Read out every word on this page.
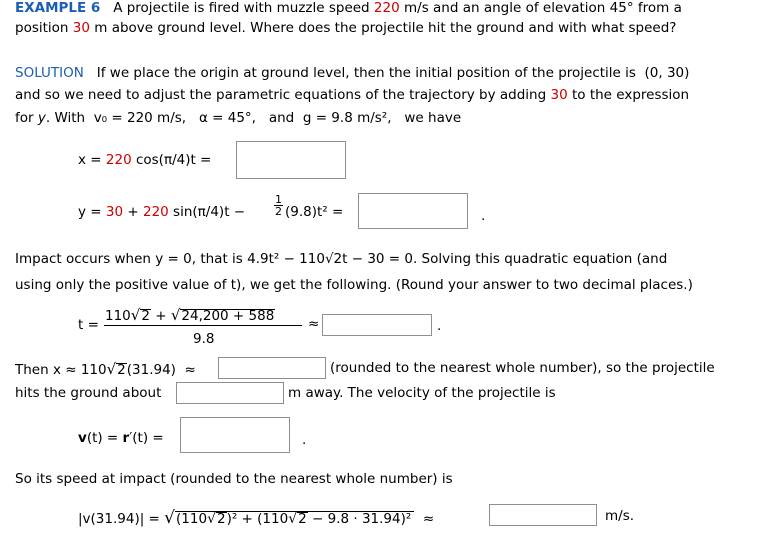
EXAMPLE 6 A projectile is fired with muzzle speed 220 m/s and an angle of elevation 45° from a
position 30 m above ground level. Where does the projectile hit the ground and with what speed?
SOLUTION If we place the origin at ground level, then the initial position of the projectile is (0, 30)
and so we need to adjust the parametric equations of the trajectory by adding 30 to the expression
for y. With v₀ = 220 m/s, α = 45°, and g = 9.8 m/s², we have
x = 220 cos(π/4)t =
y = 30 + 220 sin(π/4)t −	$\frac{1}{2} (9.8)t^2$ =	.
Impact occurs when y = 0, that is 4.9t² − 110√2t − 30 = 0. Solving this quadratic equation (and
using only the positive value of t), we get the following. (Round your answer to two decimal places.)
t =
110√2 + √24,200 + 588
9.8
≈	.
Then x ≈ 110√2(31.94) ≈	(rounded to the nearest whole number), so the projectile
hits the ground about	m away. The velocity of the projectile is
v(t) = r′(t) =	.
So its speed at impact (rounded to the nearest whole number) is
|v(31.94)| = √(110√2)² + (110√2 − 9.8 · 31.94)² ≈	m/s.
